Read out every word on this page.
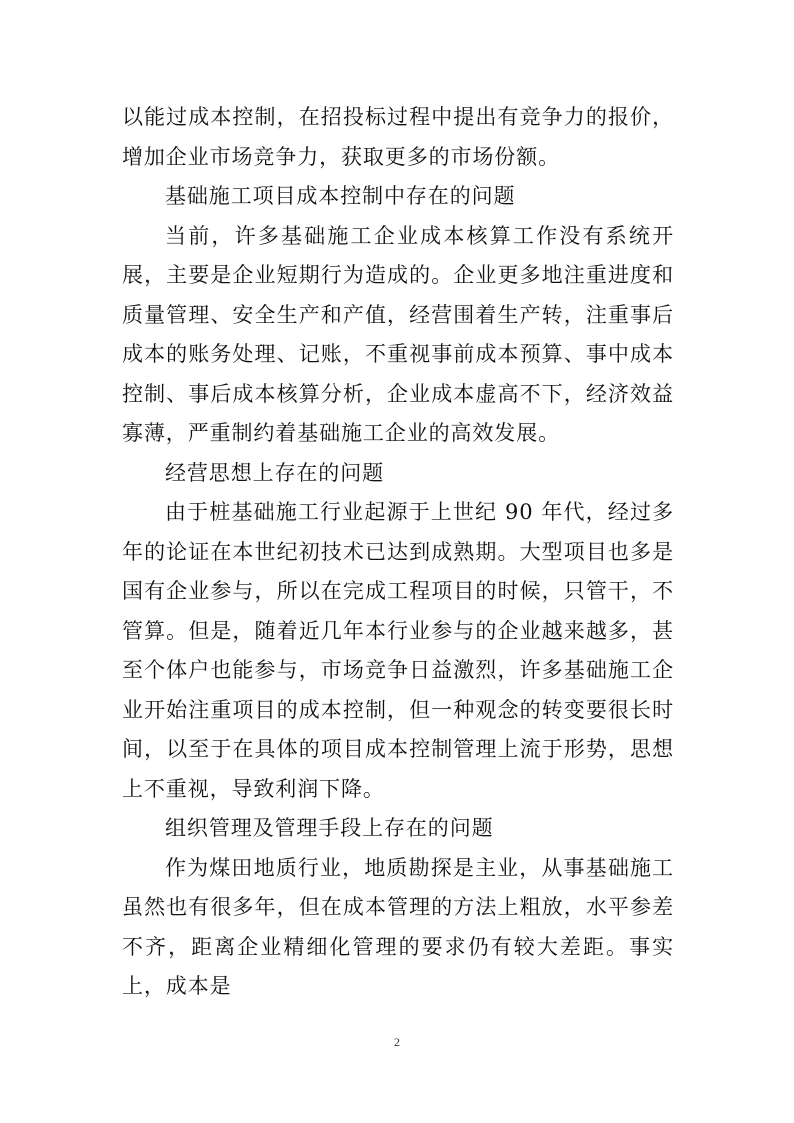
以能过成本控制，在招投标过程中提出有竞争力的报价，增加企业市场竞争力，获取更多的市场份额。

基础施工项目成本控制中存在的问题

当前，许多基础施工企业成本核算工作没有系统开展，主要是企业短期行为造成的。企业更多地注重进度和质量管理、安全生产和产值，经营围着生产转，注重事后成本的账务处理、记账，不重视事前成本预算、事中成本控制、事后成本核算分析，企业成本虚高不下，经济效益寡薄，严重制约着基础施工企业的高效发展。

经营思想上存在的问题

由于桩基础施工行业起源于上世纪 90 年代，经过多年的论证在本世纪初技术已达到成熟期。大型项目也多是国有企业参与，所以在完成工程项目的时候，只管干，不管算。但是，随着近几年本行业参与的企业越来越多，甚至个体户也能参与，市场竞争日益激烈，许多基础施工企业开始注重项目的成本控制，但一种观念的转变要很长时间，以至于在具体的项目成本控制管理上流于形势，思想上不重视，导致利润下降。

组织管理及管理手段上存在的问题

作为煤田地质行业，地质勘探是主业，从事基础施工虽然也有很多年，但在成本管理的方法上粗放，水平参差不齐，距离企业精细化管理的要求仍有较大差距。事实上，成本是

2
